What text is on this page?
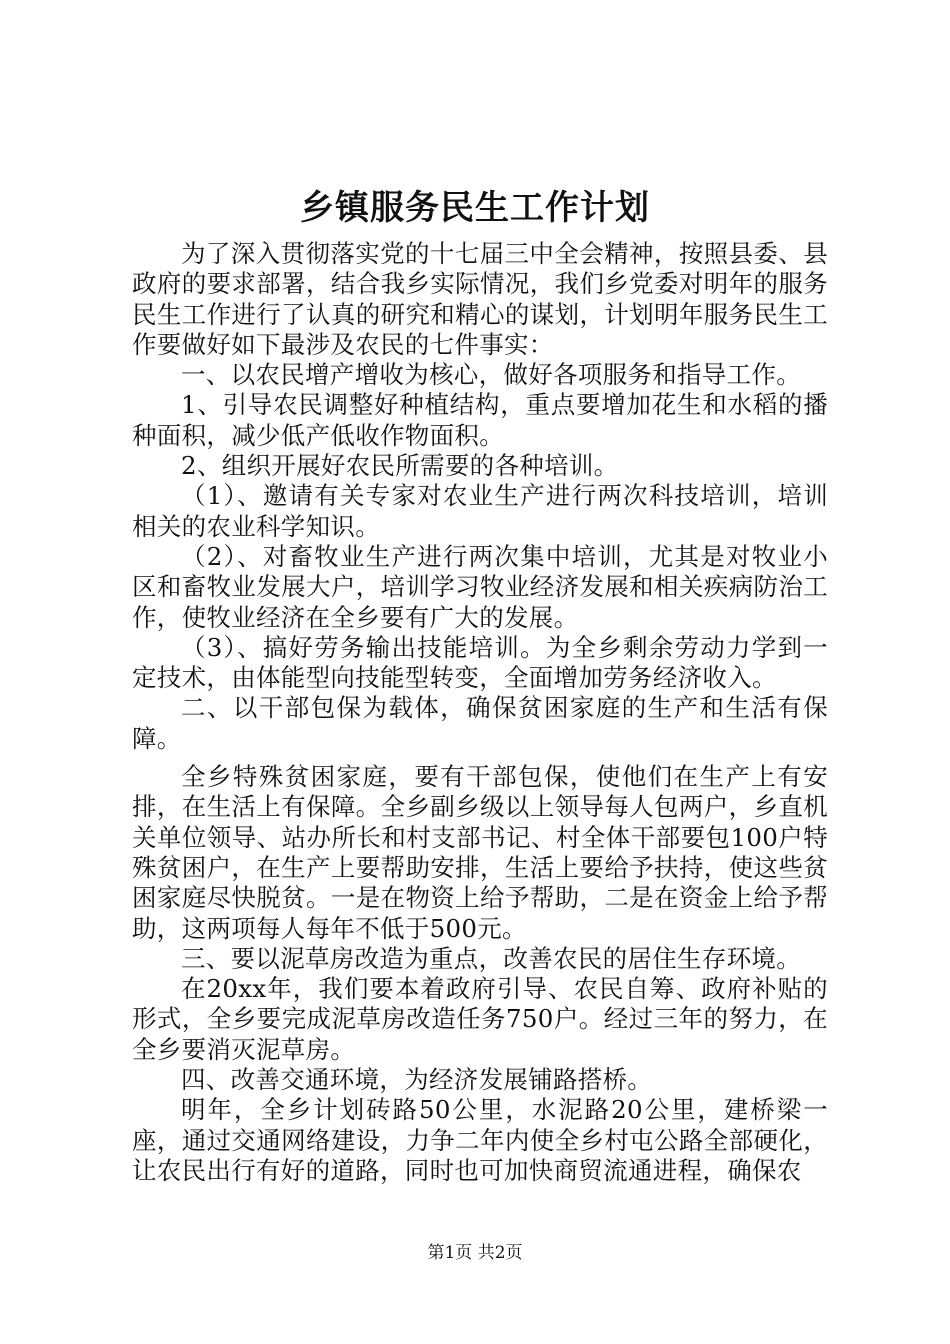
乡镇服务民生工作计划

为了深入贯彻落实党的十七届三中全会精神，按照县委、县政府的要求部署，结合我乡实际情况，我们乡党委对明年的服务民生工作进行了认真的研究和精心的谋划，计划明年服务民生工作要做好如下最涉及农民的七件事实：

一、以农民增产增收为核心，做好各项服务和指导工作。

1、引导农民调整好种植结构，重点要增加花生和水稻的播种面积，减少低产低收作物面积。

2、组织开展好农民所需要的各种培训。

（1）、邀请有关专家对农业生产进行两次科技培训，培训相关的农业科学知识。

（2）、对畜牧业生产进行两次集中培训，尤其是对牧业小区和畜牧业发展大户，培训学习牧业经济发展和相关疾病防治工作，使牧业经济在全乡要有广大的发展。

（3）、搞好劳务输出技能培训。为全乡剩余劳动力学到一定技术，由体能型向技能型转变，全面增加劳务经济收入。

二、以干部包保为载体，确保贫困家庭的生产和生活有保障。

全乡特殊贫困家庭，要有干部包保，使他们在生产上有安排，在生活上有保障。全乡副乡级以上领导每人包两户，乡直机关单位领导、站办所长和村支部书记、村全体干部要包100户特殊贫困户，在生产上要帮助安排，生活上要给予扶持，使这些贫困家庭尽快脱贫。一是在物资上给予帮助，二是在资金上给予帮助，这两项每人每年不低于500元。

三、要以泥草房改造为重点，改善农民的居住生存环境。

在20xx年，我们要本着政府引导、农民自筹、政府补贴的形式，全乡要完成泥草房改造任务750户。经过三年的努力，在全乡要消灭泥草房。

四、改善交通环境，为经济发展铺路搭桥。

明年，全乡计划砖路50公里，水泥路20公里，建桥梁一座，通过交通网络建设，力争二年内使全乡村屯公路全部硬化，让农民出行有好的道路，同时也可加快商贸流通进程，确保农

第1页 共2页
